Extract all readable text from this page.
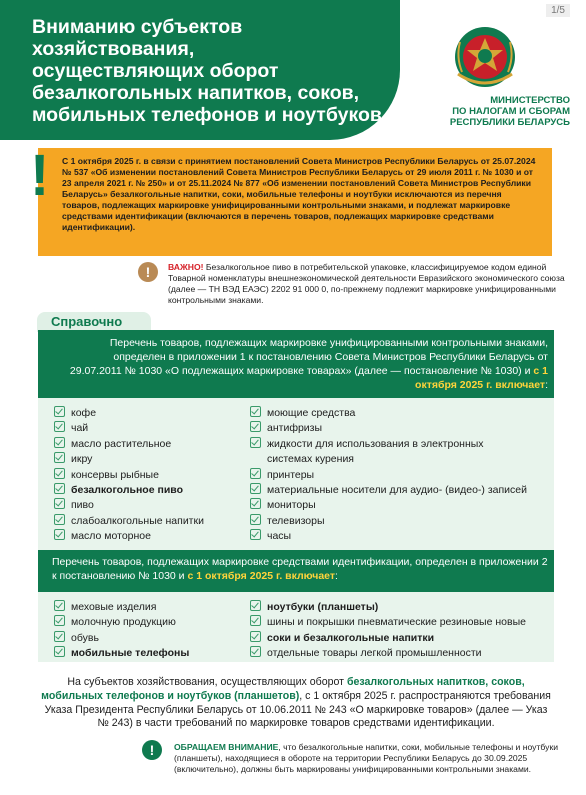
Вниманию субъектов хозяйствования,
осуществляющих оборот
безалкогольных напитков, соков,
мобильных телефонов и ноутбуков
1/5
МИНИСТЕРСТВО
ПО НАЛОГАМ И СБОРАМ
РЕСПУБЛИКИ БЕЛАРУСЬ
! С 1 октября 2025 г. в связи с принятием постановлений Совета Министров Республики Беларусь от 25.07.2024 № 537 «Об изменении постановлений Совета Министров Республики Беларусь от 29 июля 2011 г. № 1030 и от 23 апреля 2021 г. № 250» и от 25.11.2024 № 877 «Об изменении постановлений Совета Министров Республики Беларусь» безалкогольные напитки, соки, мобильные телефоны и ноутбуки исключаются из перечня товаров, подлежащих маркировке унифицированными контрольными знаками, и подлежат маркировке средствами идентификации (включаются в перечень товаров, подлежащих маркировке средствами идентификации).
!	ВАЖНО! Безалкогольное пиво в потребительской упаковке, классифицируемое кодом единой Товарной номенклатуры внешнеэкономической деятельности Евразийского экономического союза (далее — ТН ВЭД ЕАЭС) 2202 91 000 0, по-прежнему подлежит маркировке унифицированными контрольными знаками.
Справочно
Перечень товаров, подлежащих маркировке унифицированными контрольными знаками, определен в приложении 1 к постановлению Совета Министров Республики Беларусь от 29.07.2011 № 1030 «О подлежащих маркировке товарах» (далее — постановление № 1030) и с 1 октября 2025 г. включает:
кофе
чай
масло растительное
икру
консервы рыбные
безалкогольное пиво
пиво
слабоалкогольные напитки
масло моторное
моющие средства
антифризы
жидкости для использования в электронных
системах курения
принтеры
материальные носители для аудио- (видео-) записей
мониторы
телевизоры
часы
Перечень товаров, подлежащих маркировке средствами идентификации, определен в приложении 2 к постановлению № 1030 и с 1 октября 2025 г. включает:
меховые изделия
молочную продукцию
обувь
мобильные телефоны
ноутбуки (планшеты)
шины и покрышки пневматические резиновые новые
соки и безалкогольные напитки
отдельные товары легкой промышленности
На субъектов хозяйствования, осуществляющих оборот безалкогольных напитков, соков, мобильных телефонов и ноутбуков (планшетов), с 1 октября 2025 г. распространяются требования Указа Президента Республики Беларусь от 10.06.2011 № 243 «О маркировке товаров» (далее — Указ № 243) в части требований по маркировке товаров средствами идентификации.
!	ОБРАЩАЕМ ВНИМАНИЕ, что безалкогольные напитки, соки, мобильные телефоны и ноутбуки (планшеты), находящиеся в обороте на территории Республики Беларусь до 30.09.2025 (включительно), должны быть маркированы унифицированными контрольными знаками.
